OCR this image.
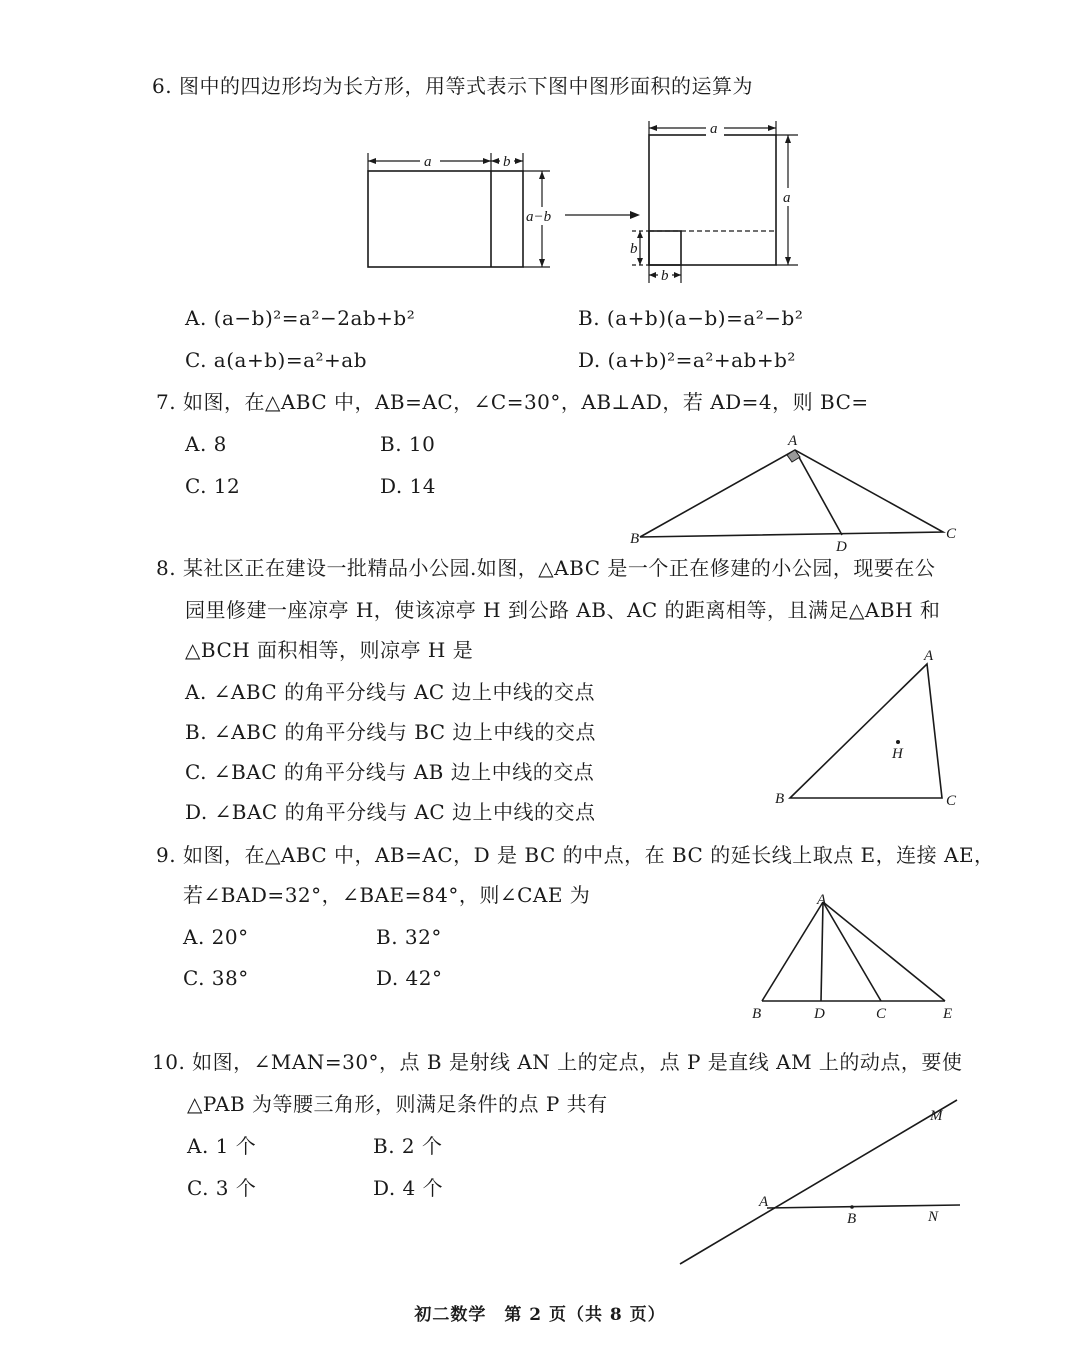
6. 图中的四边形均为长方形，用等式表示下图中图形面积的运算为
a	b
a−b
a
a
b
b
A. (a−b)²=a²−2ab+b²	B. (a+b)(a−b)=a²−b²
C. a(a+b)=a²+ab	D. (a+b)²=a²+ab+b²
7. 如图，在△ABC 中，AB=AC，∠C=30°，AB⊥AD，若 AD=4，则 BC=
A. 8	B. 10
C. 12	D. 14
A
B	C
D
8. 某社区正在建设一批精品小公园.如图，△ABC 是一个正在修建的小公园，现要在公
园里修建一座凉亭 H，使该凉亭 H 到公路 AB、AC 的距离相等，且满足△ABH 和
△BCH 面积相等，则凉亭 H 是
A. ∠ABC 的角平分线与 AC 边上中线的交点
B. ∠ABC 的角平分线与 BC 边上中线的交点
C. ∠BAC 的角平分线与 AB 边上中线的交点
D. ∠BAC 的角平分线与 AC 边上中线的交点
A
B	C
H
9. 如图，在△ABC 中，AB=AC，D 是 BC 的中点，在 BC 的延长线上取点 E，连接 AE，
若∠BAD=32°，∠BAE=84°，则∠CAE 为
A. 20°	B. 32°
C. 38°	D. 42°
A
B	D	C	E
10. 如图，∠MAN=30°，点 B 是射线 AN 上的定点，点 P 是直线 AM 上的动点，要使
△PAB 为等腰三角形，则满足条件的点 P 共有
A. 1 个	B. 2 个
C. 3 个	D. 4 个
A
B
M
N
初二数学　第 2 页（共 8 页）
